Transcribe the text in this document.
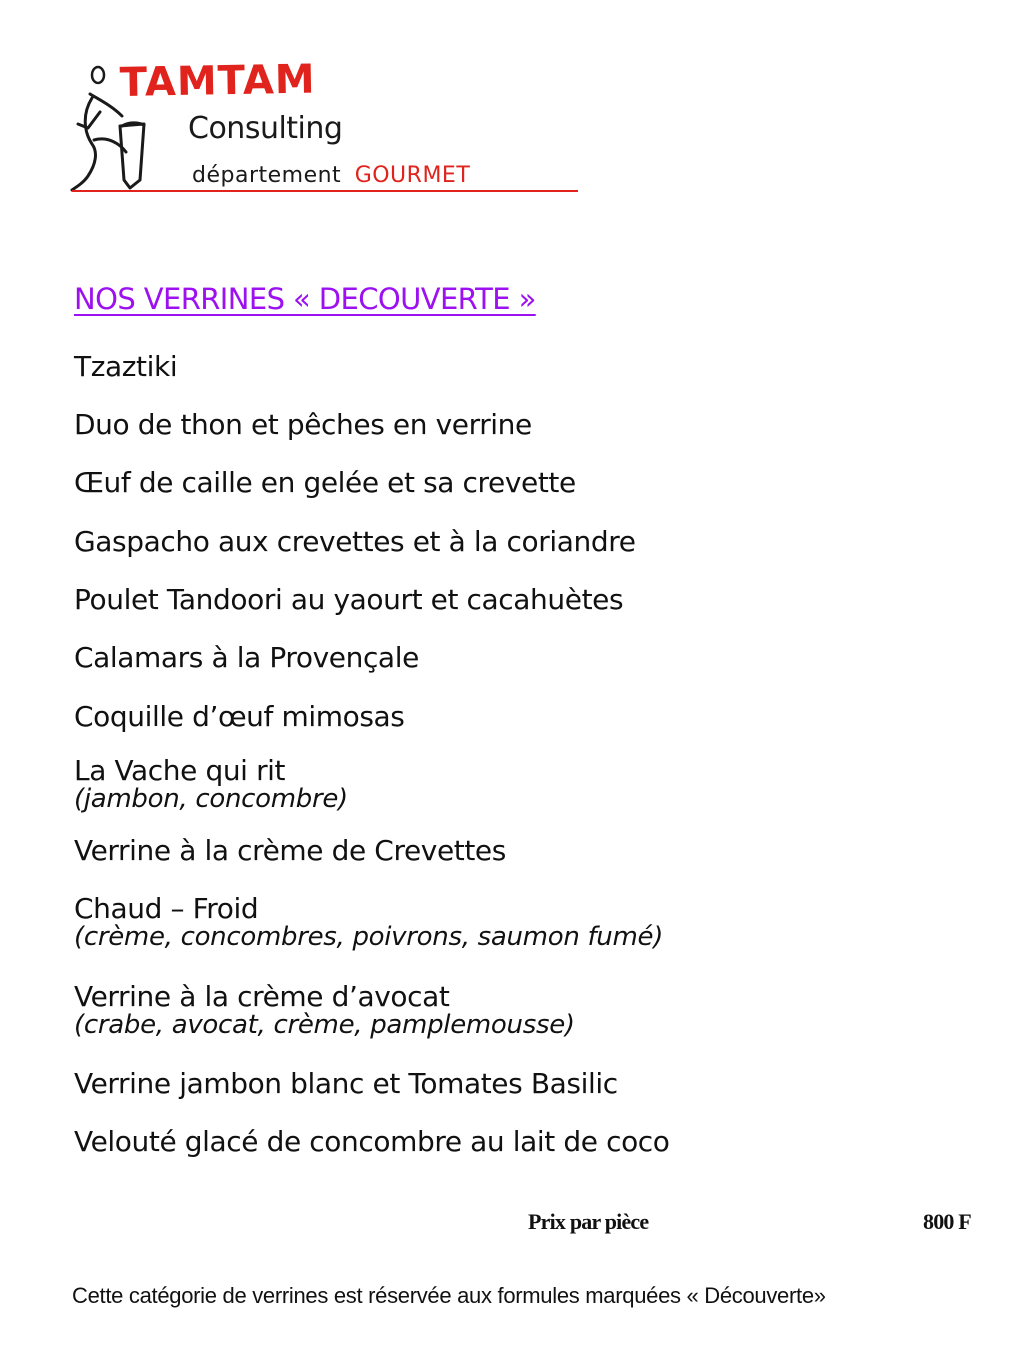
TAMTAM
Consulting
département GOURMET
NOS VERRINES « DECOUVERTE »
Tzaztiki
Duo de thon et pêches en verrine
Œuf de caille en gelée et sa crevette
Gaspacho aux crevettes et à la coriandre
Poulet Tandoori au yaourt et cacahuètes
Calamars à la Provençale
Coquille d’œuf mimosas
La Vache qui rit
(jambon, concombre)
Verrine à la crème de Crevettes
Chaud – Froid
(crème, concombres, poivrons, saumon fumé)
Verrine à la crème d’avocat
(crabe, avocat, crème, pamplemousse)
Verrine jambon blanc et Tomates Basilic
Velouté glacé de concombre au lait de coco
Prix par pièce	800 F
Cette catégorie de verrines est réservée aux formules marquées « Découverte»
